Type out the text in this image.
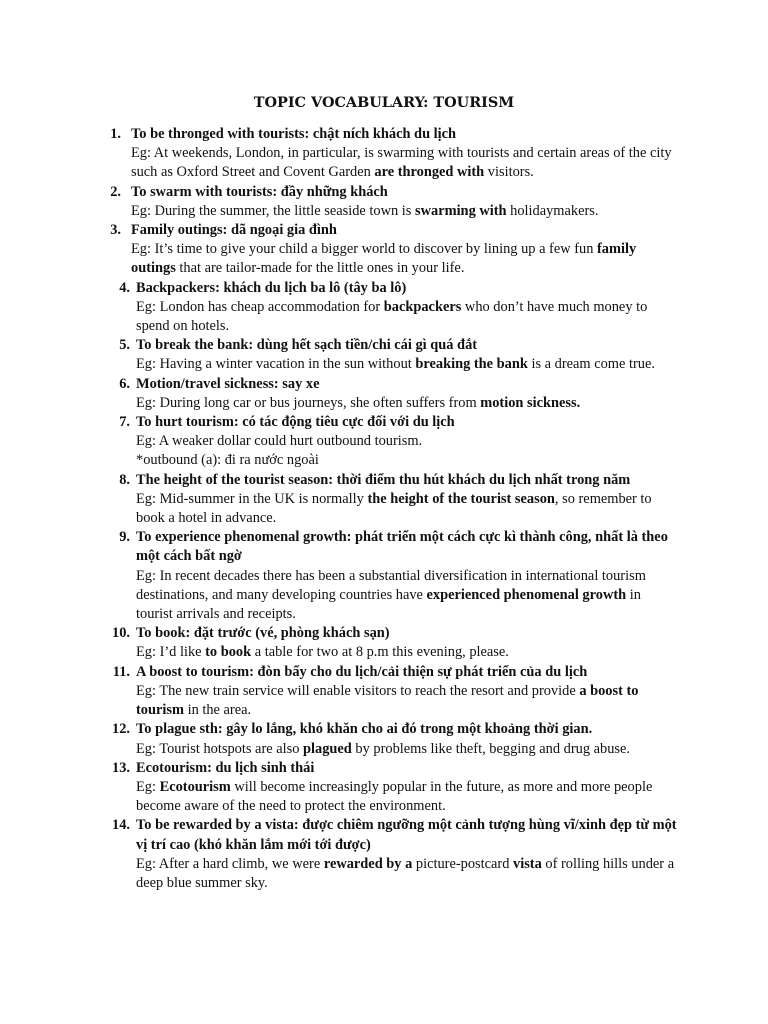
TOPIC VOCABULARY: TOURISM
1. To be thronged with tourists: chật ních khách du lịch
Eg: At weekends, London, in particular, is swarming with tourists and certain areas of the city such as Oxford Street and Covent Garden are thronged with visitors.
2. To swarm with tourists: đầy những khách
Eg: During the summer, the little seaside town is swarming with holidaymakers.
3. Family outings: dã ngoại gia đình
Eg: It’s time to give your child a bigger world to discover by lining up a few fun family outings that are tailor-made for the little ones in your life.
4. Backpackers: khách du lịch ba lô (tây ba lô)
Eg: London has cheap accommodation for backpackers who don’t have much money to spend on hotels.
5. To break the bank: dùng hết sạch tiền/chi cái gì quá đắt
Eg: Having a winter vacation in the sun without breaking the bank is a dream come true.
6. Motion/travel sickness: say xe
Eg: During long car or bus journeys, she often suffers from motion sickness.
7. To hurt tourism: có tác động tiêu cực đối với du lịch
Eg: A weaker dollar could hurt outbound tourism.
*outbound (a): đi ra nước ngoài
8. The height of the tourist season: thời điểm thu hút khách du lịch nhất trong năm
Eg: Mid-summer in the UK is normally the height of the tourist season, so remember to book a hotel in advance.
9. To experience phenomenal growth: phát triển một cách cực kì thành công, nhất là theo một cách bất ngờ
Eg: In recent decades there has been a substantial diversification in international tourism destinations, and many developing countries have experienced phenomenal growth in tourist arrivals and receipts.
10. To book: đặt trước (vé, phòng khách sạn)
Eg: I’d like to book a table for two at 8 p.m this evening, please.
11. A boost to tourism: đòn bẩy cho du lịch/cải thiện sự phát triển của du lịch
Eg: The new train service will enable visitors to reach the resort and provide a boost to tourism in the area.
12. To plague sth: gây lo lắng, khó khăn cho ai đó trong một khoảng thời gian.
Eg: Tourist hotspots are also plagued by problems like theft, begging and drug abuse.
13. Ecotourism: du lịch sinh thái
Eg: Ecotourism will become increasingly popular in the future, as more and more people become aware of the need to protect the environment.
14. To be rewarded by a vista: được chiêm ngưỡng một cảnh tượng hùng vĩ/xinh đẹp từ một vị trí cao (khó khăn lắm mới tới được)
Eg: After a hard climb, we were rewarded by a picture-postcard vista of rolling hills under a deep blue summer sky.
